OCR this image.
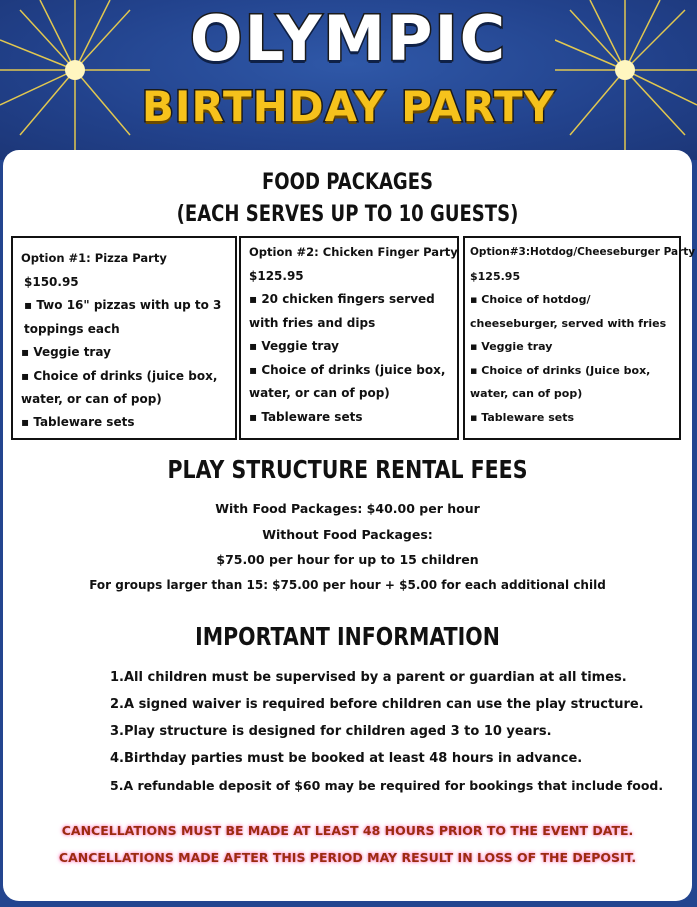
OLYMPIC
BIRTHDAY PARTY
FOOD PACKAGES
(EACH SERVES UP TO 10 GUESTS)
Option #1: Pizza Party
$150.95
▪ Two 16" pizzas with up to 3 toppings each
▪ Veggie tray
▪ Choice of drinks (juice box, water, or can of pop)
▪ Tableware sets
Option #2: Chicken Finger Party
$125.95
▪ 20 chicken fingers served with fries and dips
▪ Veggie tray
▪ Choice of drinks (juice box, water, or can of pop)
▪ Tableware sets
Option#3:Hotdog/Cheeseburger Party
$125.95
▪ Choice of hotdog/ cheeseburger, served with fries
▪ Veggie tray
▪ Choice of drinks (Juice box, water, can of pop)
▪ Tableware sets
PLAY STRUCTURE RENTAL FEES
With Food Packages: $40.00 per hour
Without Food Packages:
$75.00 per hour for up to 15 children
For groups larger than 15: $75.00 per hour + $5.00 for each additional child
IMPORTANT INFORMATION
1.All children must be supervised by a parent or guardian at all times.
2.A signed waiver is required before children can use the play structure.
3.Play structure is designed for children aged 3 to 10 years.
4.Birthday parties must be booked at least 48 hours in advance.
5.A refundable deposit of $60 may be required for bookings that include food.
CANCELLATIONS MUST BE MADE AT LEAST 48 HOURS PRIOR TO THE EVENT DATE.
CANCELLATIONS MADE AFTER THIS PERIOD MAY RESULT IN LOSS OF THE DEPOSIT.
